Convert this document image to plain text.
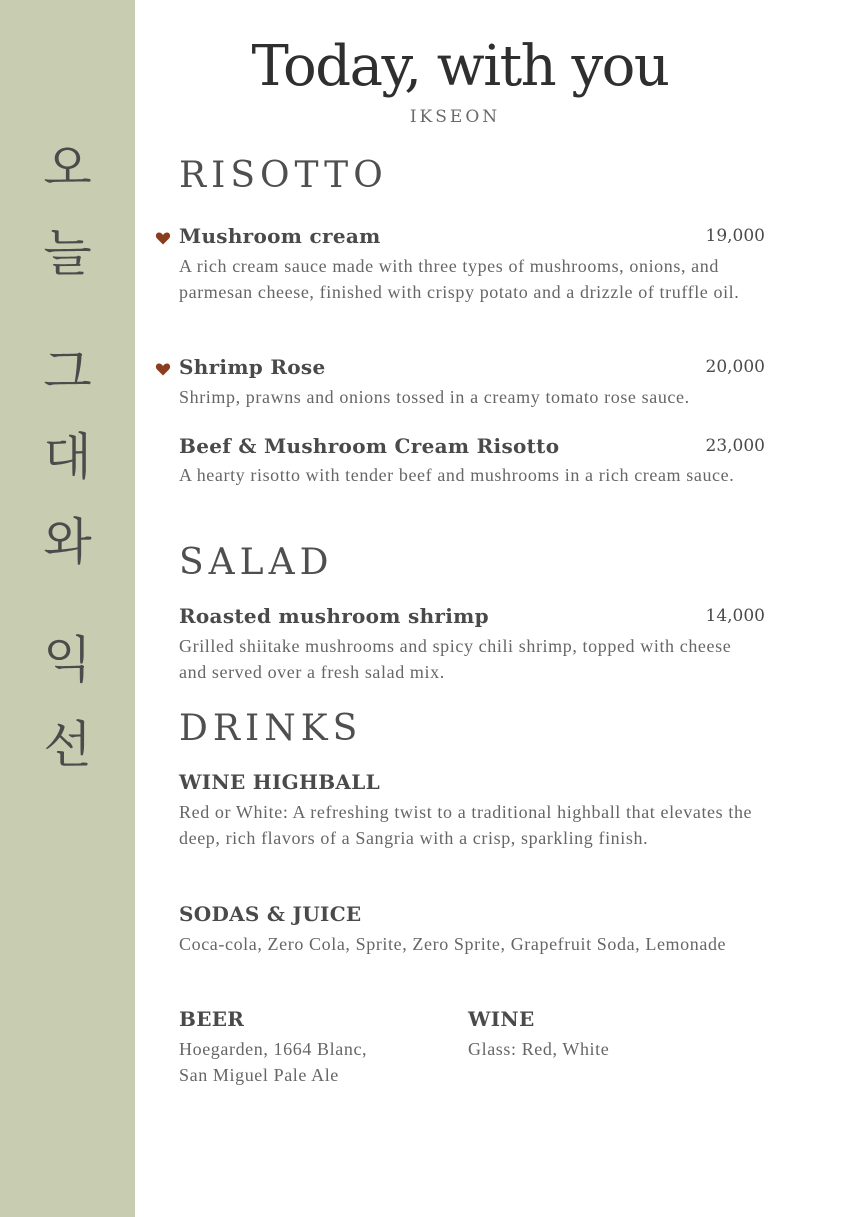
오
늘
그
대
와
익
선
Today, with you
IKSEON
RISOTTO
Mushroom cream	19,000
A rich cream sauce made with three types of mushrooms, onions, and parmesan cheese, finished with crispy potato and a drizzle of truffle oil.
Shrimp Rose	20,000
Shrimp, prawns and onions tossed in a creamy tomato rose sauce.
Beef & Mushroom Cream Risotto	23,000
A hearty risotto with tender beef and mushrooms in a rich cream sauce.
SALAD
Roasted mushroom shrimp	14,000
Grilled shiitake mushrooms and spicy chili shrimp, topped with cheese and served over a fresh salad mix.
DRINKS
WINE HIGHBALL
Red or White: A refreshing twist to a traditional highball that elevates the deep, rich flavors of a Sangria with a crisp, sparkling finish.
SODAS & JUICE
Coca-cola, Zero Cola, Sprite, Zero Sprite, Grapefruit Soda, Lemonade
BEER
Hoegarden, 1664 Blanc,
San Miguel Pale Ale
WINE
Glass: Red, White
